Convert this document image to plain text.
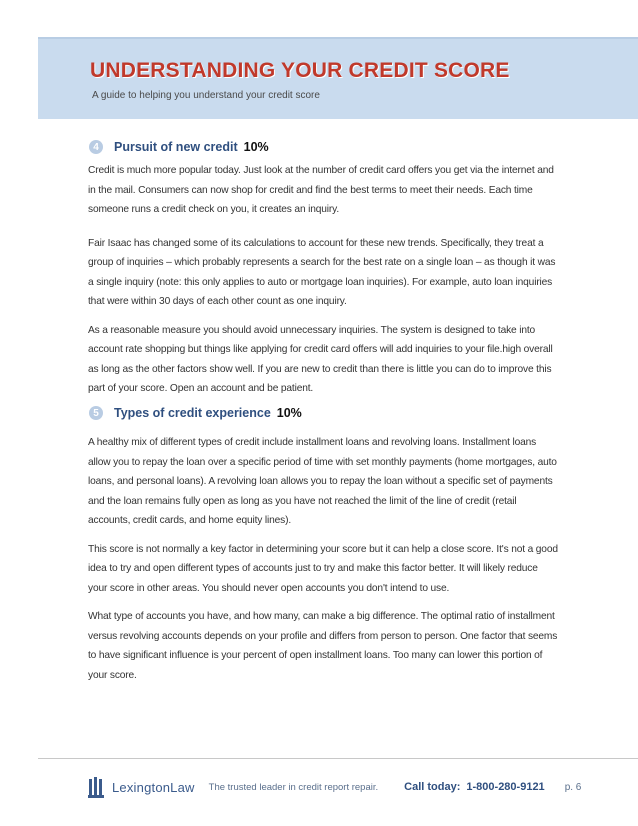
UNDERSTANDING YOUR CREDIT SCORE
A guide to helping you understand your credit score
4	Pursuit of new credit 10%

Credit is much more popular today. Just look at the number of credit card offers you get via the internet and in the mail. Consumers can now shop for credit and find the best terms to meet their needs. Each time someone runs a credit check on you, it creates an inquiry.

Fair Isaac has changed some of its calculations to account for these new trends. Specifically, they treat a group of inquiries – which probably represents a search for the best rate on a single loan – as though it was a single inquiry (note: this only applies to auto or mortgage loan inquiries). For example, auto loan inquiries that were within 30 days of each other count as one inquiry.

As a reasonable measure you should avoid unnecessary inquiries. The system is designed to take into account rate shopping but things like applying for credit card offers will add inquiries to your file.high overall as long as the other factors show well. If you are new to credit than there is little you can do to improve this part of your score. Open an account and be patient.

5	Types of credit experience 10%

A healthy mix of different types of credit include installment loans and revolving loans. Installment loans allow you to repay the loan over a specific period of time with set monthly payments (home mortgages, auto loans, and personal loans). A revolving loan allows you to repay the loan without a specific set of payments and the loan remains fully open as long as you have not reached the limit of the line of credit (retail accounts, credit cards, and home equity lines).

This score is not normally a key factor in determining your score but it can help a close score. It's not a good idea to try and open different types of accounts just to try and make this factor better. It will likely reduce your score in other areas. You should never open accounts you don't intend to use.

What type of accounts you have, and how many, can make a big difference. The optimal ratio of installment versus revolving accounts depends on your profile and differs from person to person. One factor that seems to have significant influence is your percent of open installment loans. Too many can lower this portion of your score.

LexingtonLaw The trusted leader in credit report repair. Call today: 1-800-280-9121 p. 6
